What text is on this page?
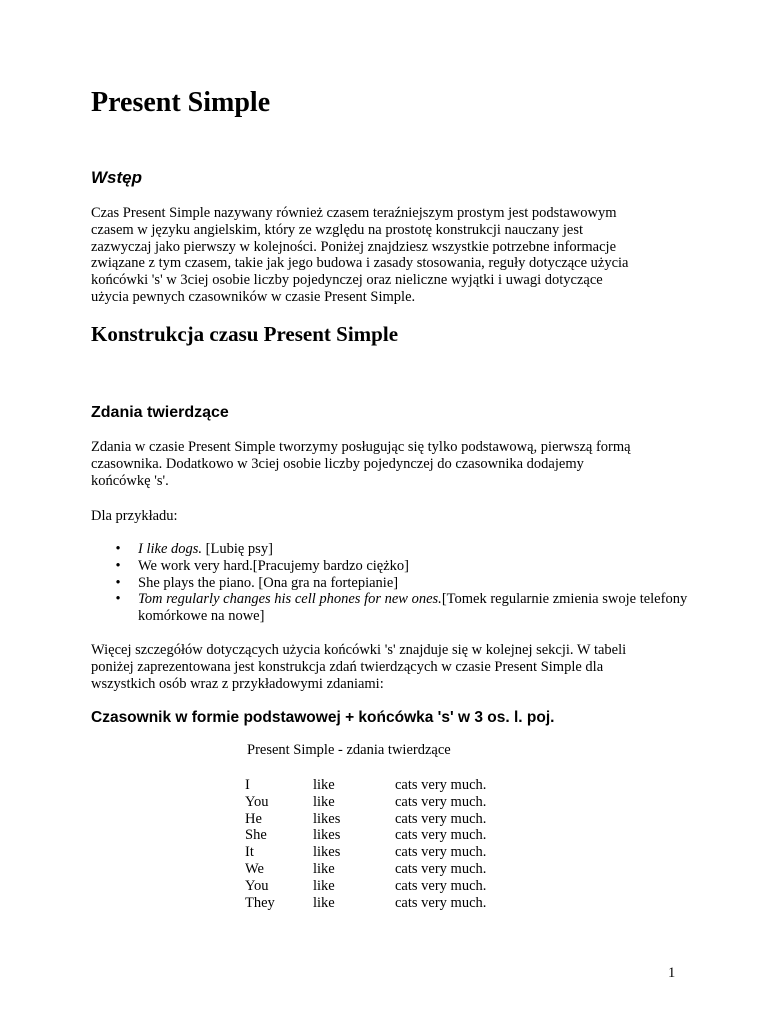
Present Simple
Wstęp
Czas Present Simple nazywany również czasem teraźniejszym prostym jest podstawowym
czasem w języku angielskim, który ze względu na prostotę konstrukcji nauczany jest
zazwyczaj jako pierwszy w kolejności. Poniżej znajdziesz wszystkie potrzebne informacje
związane z tym czasem, takie jak jego budowa i zasady stosowania, reguły dotyczące użycia
końcówki 's' w 3ciej osobie liczby pojedynczej oraz nieliczne wyjątki i uwagi dotyczące
użycia pewnych czasowników w czasie Present Simple.
Konstrukcja czasu Present Simple
Zdania twierdzące
Zdania w czasie Present Simple tworzymy posługując się tylko podstawową, pierwszą formą
czasownika. Dodatkowo w 3ciej osobie liczby pojedynczej do czasownika dodajemy
końcówkę 's'.
Dla przykładu:
• I like dogs. [Lubię psy]
• We work very hard.[Pracujemy bardzo ciężko]
• She plays the piano. [Ona gra na fortepianie]
• Tom regularly changes his cell phones for new ones.[Tomek regularnie zmienia swoje telefony komórkowe na nowe]
Więcej szczegółów dotyczących użycia końcówki 's' znajduje się w kolejnej sekcji. W tabeli
poniżej zaprezentowana jest konstrukcja zdań twierdzących w czasie Present Simple dla
wszystkich osób wraz z przykładowymi zdaniami:
Czasownik w formie podstawowej + końcówka 's' w 3 os. l. poj.
Present Simple - zdania twierdzące
I	like	cats very much.
You	like	cats very much.
He	likes	cats very much.
She	likes	cats very much.
It	likes	cats very much.
We	like	cats very much.
You	like	cats very much.
They	like	cats very much.
1
